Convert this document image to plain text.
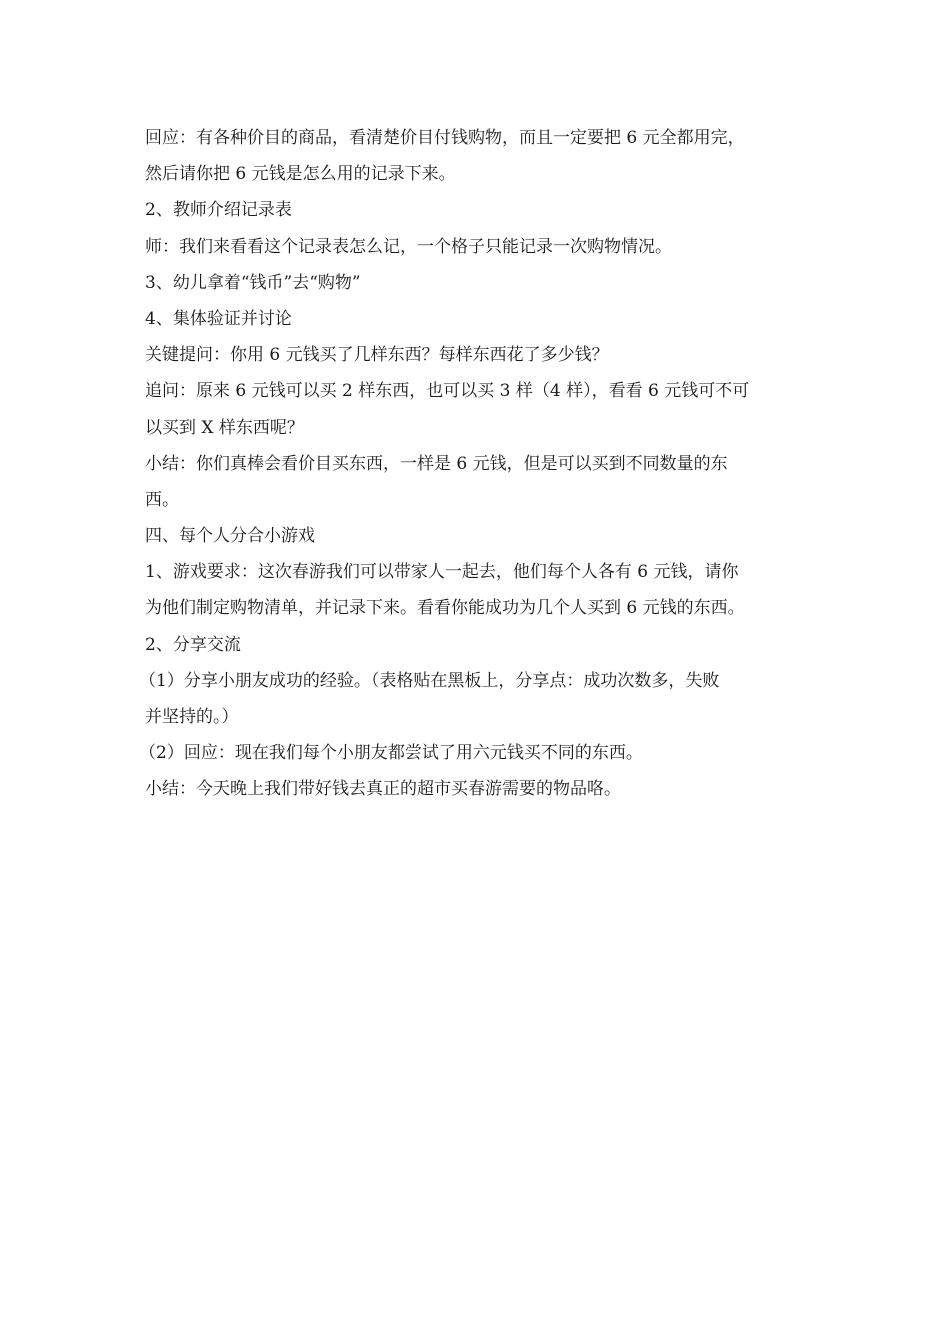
回应：有各种价目的商品，看清楚价目付钱购物，而且一定要把 6 元全都用完，
然后请你把 6 元钱是怎么用的记录下来。
2、教师介绍记录表
师：我们来看看这个记录表怎么记，一个格子只能记录一次购物情况。
3、幼儿拿着“钱币”去“购物”
4、集体验证并讨论
关键提问：你用 6 元钱买了几样东西？每样东西花了多少钱？
追问：原来 6 元钱可以买 2 样东西，也可以买 3 样（4 样），看看 6 元钱可不可
以买到 X 样东西呢？
小结：你们真棒会看价目买东西，一样是 6 元钱，但是可以买到不同数量的东
西。
四、每个人分合小游戏
1、游戏要求：这次春游我们可以带家人一起去，他们每个人各有 6 元钱，请你
为他们制定购物清单，并记录下来。看看你能成功为几个人买到 6 元钱的东西。
2、分享交流
（1）分享小朋友成功的经验。（表格贴在黑板上，分享点：成功次数多，失败
并坚持的。）
（2）回应：现在我们每个小朋友都尝试了用六元钱买不同的东西。
小结：今天晚上我们带好钱去真正的超市买春游需要的物品咯。
